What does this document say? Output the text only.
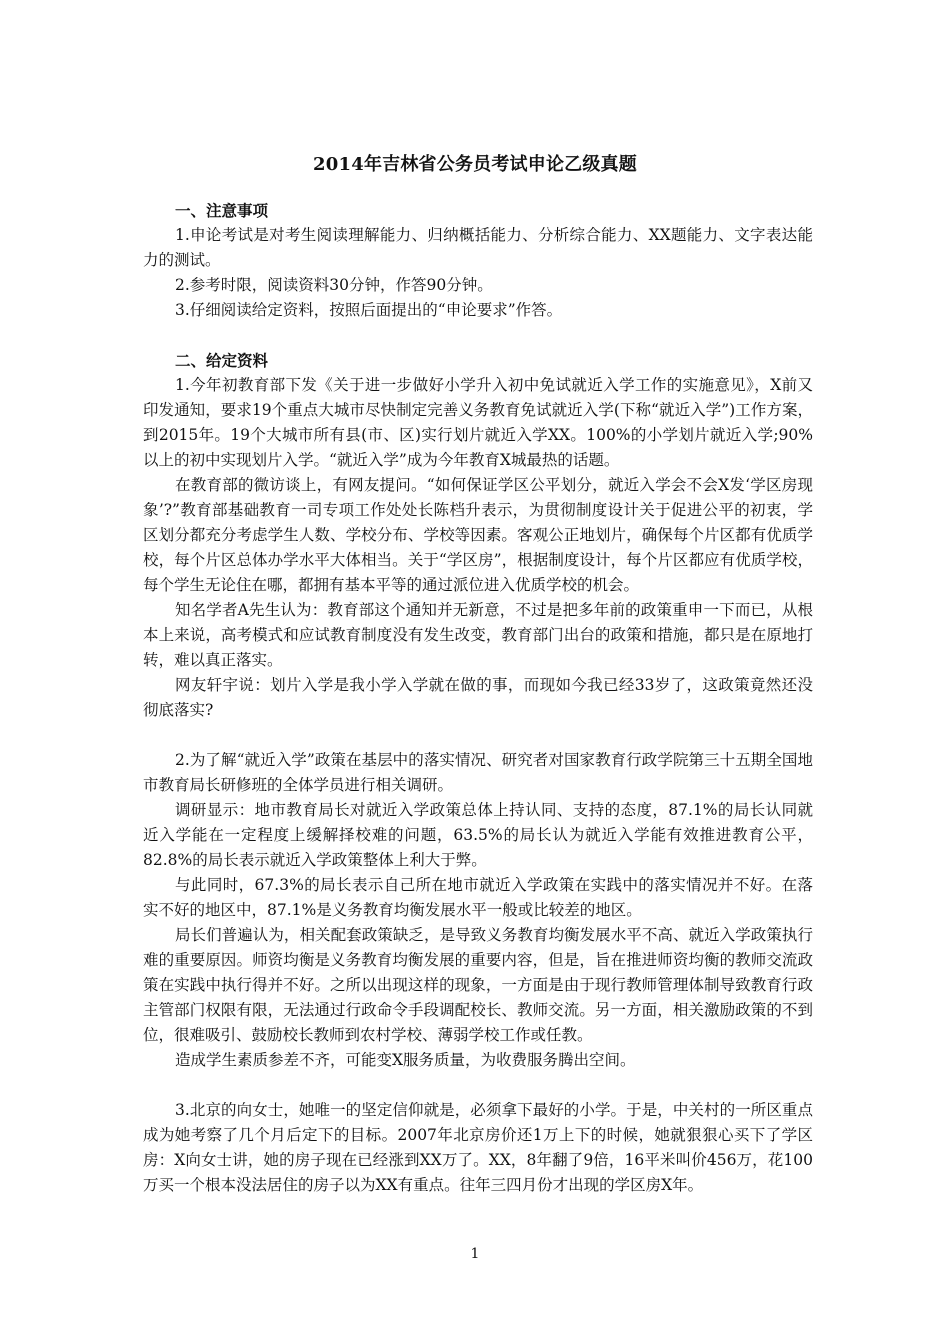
2014年吉林省公务员考试申论乙级真题

一、注意事项

1.申论考试是对考生阅读理解能力、归纳概括能力、分析综合能力、XX题能力、文字表达能力的测试。

2.参考时限，阅读资料30分钟，作答90分钟。

3.仔细阅读给定资料，按照后面提出的“申论要求”作答。

二、给定资料

1.今年初教育部下发《关于进一步做好小学升入初中免试就近入学工作的实施意见》，X前又印发通知，要求19个重点大城市尽快制定完善义务教育免试就近入学(下称“就近入学”)工作方案，到2015年。19个大城市所有县(市、区)实行划片就近入学XX。100%的小学划片就近入学;90%以上的初中实现划片入学。“就近入学”成为今年教育X城最热的话题。

在教育部的微访谈上，有网友提问。“如何保证学区公平划分，就近入学会不会X发‘学区房现象’?”教育部基础教育一司专项工作处处长陈档升表示，为贯彻制度设计关于促进公平的初衷，学区划分都充分考虑学生人数、学校分布、学校等因素。客观公正地划片，确保每个片区都有优质学校，每个片区总体办学水平大体相当。关于“学区房”，根据制度设计，每个片区都应有优质学校，每个学生无论住在哪，都拥有基本平等的通过派位进入优质学校的机会。

知名学者A先生认为：教育部这个通知并无新意，不过是把多年前的政策重申一下而已，从根本上来说，高考模式和应试教育制度没有发生改变，教育部门出台的政策和措施，都只是在原地打转，难以真正落实。

网友轩宇说：划片入学是我小学入学就在做的事，而现如今我已经33岁了，这政策竟然还没彻底落实?

2.为了解“就近入学”政策在基层中的落实情况、研究者对国家教育行政学院第三十五期全国地市教育局长研修班的全体学员进行相关调研。

调研显示：地市教育局长对就近入学政策总体上持认同、支持的态度，87.1%的局长认同就近入学能在一定程度上缓解择校难的问题，63.5%的局长认为就近入学能有效推进教育公平，82.8%的局长表示就近入学政策整体上利大于弊。

与此同时，67.3%的局长表示自己所在地市就近入学政策在实践中的落实情况并不好。在落实不好的地区中，87.1%是义务教育均衡发展水平一般或比较差的地区。

局长们普遍认为，相关配套政策缺乏，是导致义务教育均衡发展水平不高、就近入学政策执行难的重要原因。师资均衡是义务教育均衡发展的重要内容，但是，旨在推进师资均衡的教师交流政策在实践中执行得并不好。之所以出现这样的现象，一方面是由于现行教师管理体制导致教育行政主管部门权限有限，无法通过行政命令手段调配校长、教师交流。另一方面，相关激励政策的不到位，很难吸引、鼓励校长教师到农村学校、薄弱学校工作或任教。

造成学生素质参差不齐，可能变X服务质量，为收费服务腾出空间。

3.北京的向女士，她唯一的坚定信仰就是，必须拿下最好的小学。于是，中关村的一所区重点成为她考察了几个月后定下的目标。2007年北京房价还1万上下的时候，她就狠狠心买下了学区房：X向女士讲，她的房子现在已经涨到XX万了。XX，8年翻了9倍，16平米叫价456万，花100万买一个根本没法居住的房子以为XX有重点。往年三四月份才出现的学区房X年。

1
